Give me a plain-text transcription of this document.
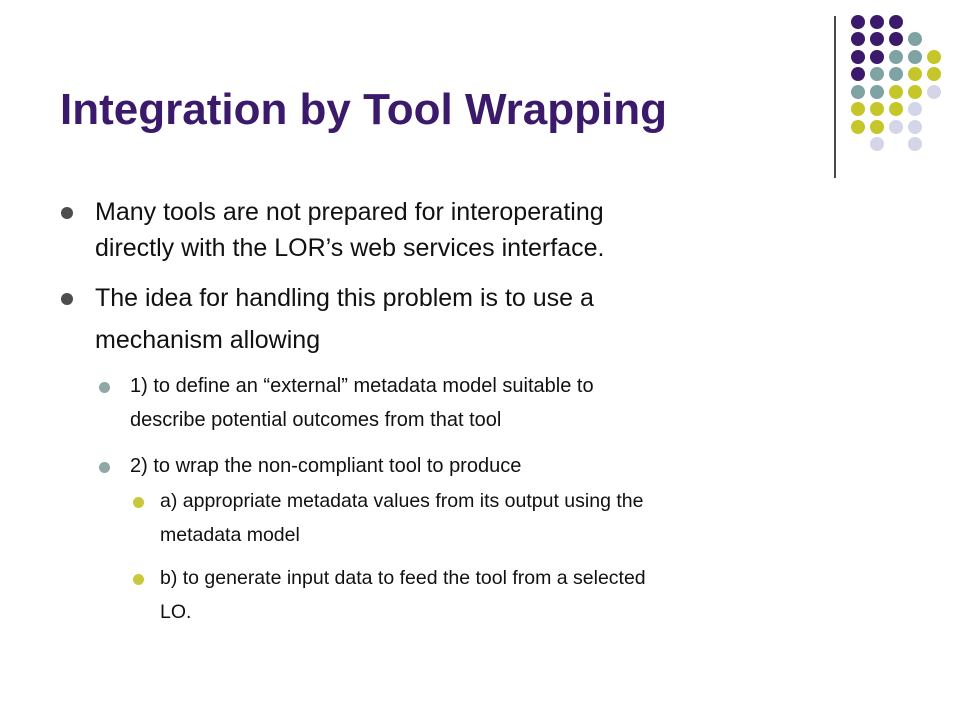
Integration by Tool Wrapping
Many tools are not prepared for interoperating
directly with the LOR’s web services interface.
The idea for handling this problem is to use a
mechanism allowing
1) to define an “external” metadata model suitable to
describe potential outcomes from that tool
2) to wrap the non-compliant tool to produce
a) appropriate metadata values from its output using the
metadata model
b) to generate input data to feed the tool from a selected
LO.
